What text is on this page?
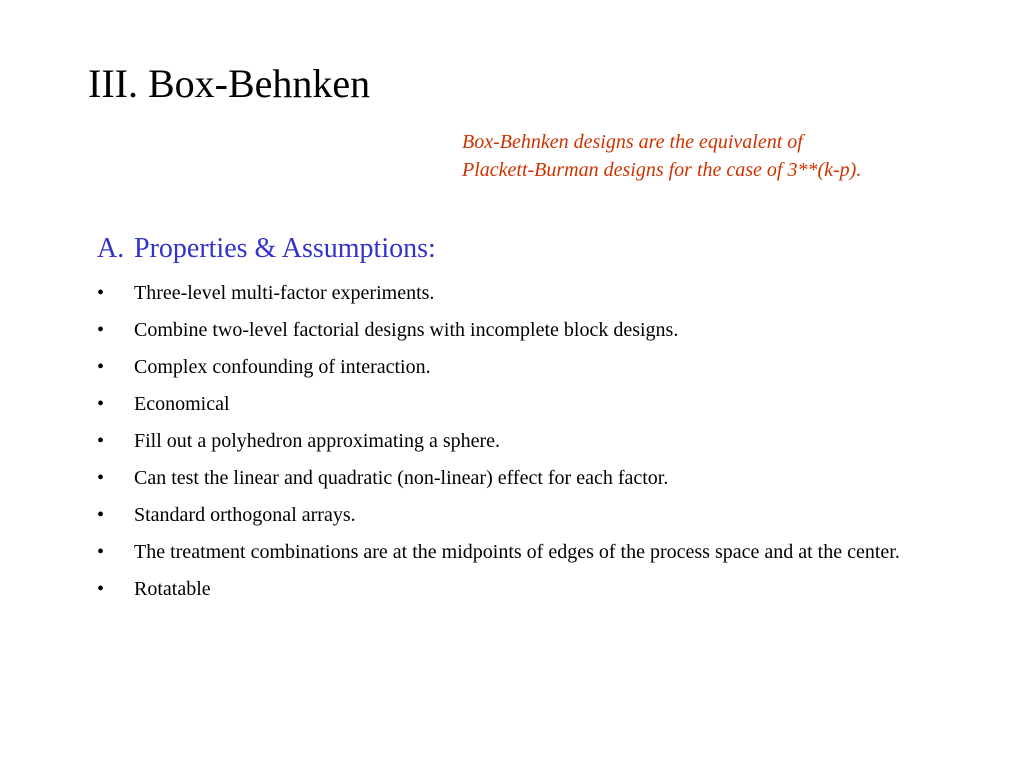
III. Box-Behnken
Box-Behnken designs are the equivalent of
Plackett-Burman designs for the case of 3**(k-p).
A. Properties & Assumptions:
• Three-level multi-factor experiments.
• Combine two-level factorial designs with incomplete block designs.
• Complex confounding of interaction.
• Economical
• Fill out a polyhedron approximating a sphere.
• Can test the linear and quadratic (non-linear) effect for each factor.
• Standard orthogonal arrays.
• The treatment combinations are at the midpoints of edges of the process space and at the center.
• Rotatable
